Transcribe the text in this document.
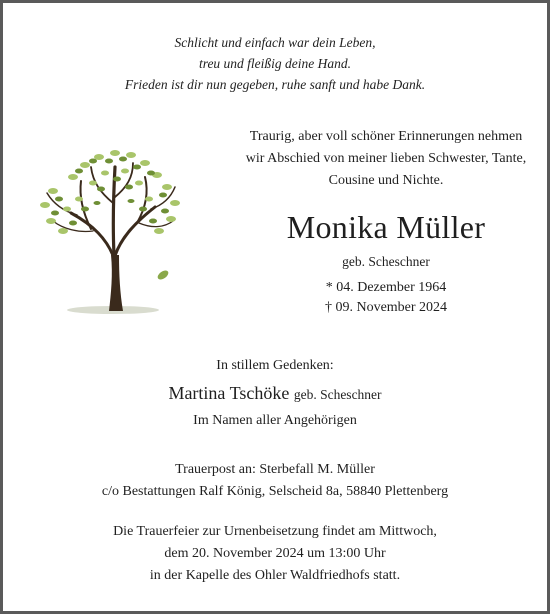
Schlicht und einfach war dein Leben,
treu und fleißig deine Hand.
Frieden ist dir nun gegeben, ruhe sanft und habe Dank.
Traurig, aber voll schöner Erinnerungen nehmen
wir Abschied von meiner lieben Schwester, Tante,
Cousine und Nichte.
Monika Müller
geb. Scheschner
* 04. Dezember 1964
† 09. November 2024
In stillem Gedenken:
Martina Tschöke geb. Scheschner
Im Namen aller Angehörigen
Trauerpost an: Sterbefall M. Müller
c/o Bestattungen Ralf König, Selscheid 8a, 58840 Plettenberg
Die Trauerfeier zur Urnenbeisetzung findet am Mittwoch,
dem 20. November 2024 um 13:00 Uhr
in der Kapelle des Ohler Waldfriedhofs statt.
